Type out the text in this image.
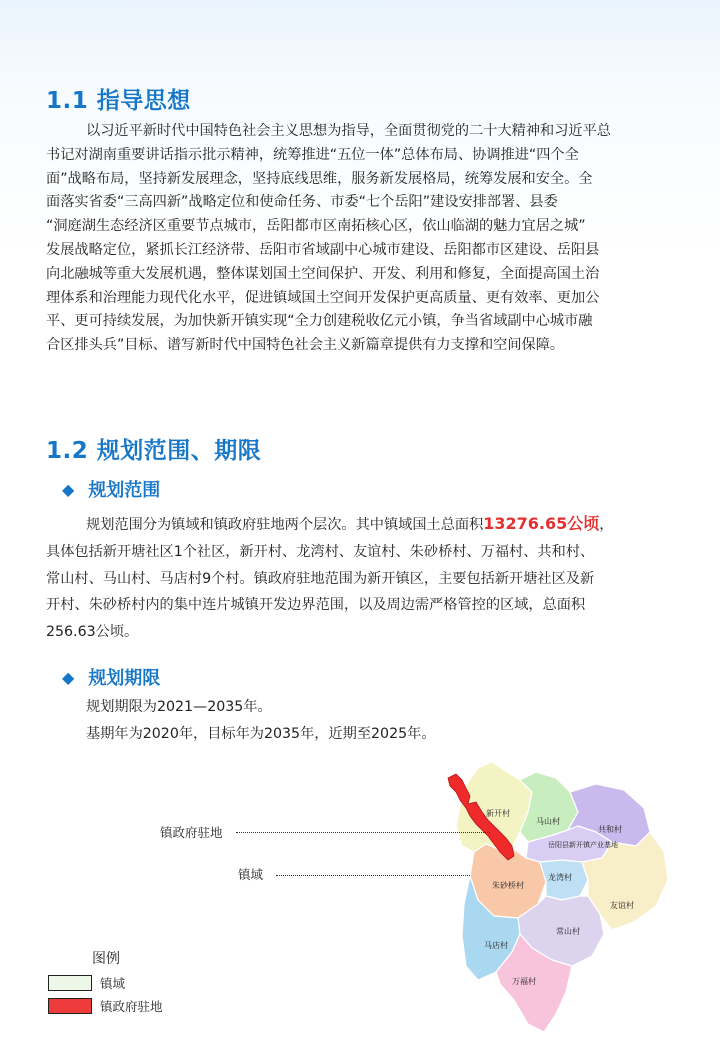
1.1 指导思想
以习近平新时代中国特色社会主义思想为指导，全面贯彻党的二十大精神和习近平总
书记对湖南重要讲话指示批示精神，统筹推进“五位一体”总体布局、协调推进“四个全
面”战略布局，坚持新发展理念，坚持底线思维，服务新发展格局，统筹发展和安全。全
面落实省委“三高四新”战略定位和使命任务、市委“七个岳阳”建设安排部署、县委
“洞庭湖生态经济区重要节点城市，岳阳都市区南拓核心区，依山临湖的魅力宜居之城”
发展战略定位，紧抓长江经济带、岳阳市省域副中心城市建设、岳阳都市区建设、岳阳县
向北融城等重大发展机遇，整体谋划国土空间保护、开发、利用和修复，全面提高国土治
理体系和治理能力现代化水平，促进镇域国土空间开发保护更高质量、更有效率、更加公
平、更可持续发展，为加快新开镇实现“全力创建税收亿元小镇，争当省域副中心城市融
合区排头兵”目标、谱写新时代中国特色社会主义新篇章提供有力支撑和空间保障。
1.2 规划范围、期限
◆ 规划范围
规划范围分为镇域和镇政府驻地两个层次。其中镇域国土总面积13276.65公顷，
具体包括新开塘社区1个社区，新开村、龙湾村、友谊村、朱砂桥村、万福村、共和村、
常山村、马山村、马店村9个村。镇政府驻地范围为新开镇区，主要包括新开塘社区及新
开村、朱砂桥村内的集中连片城镇开发边界范围，以及周边需严格管控的区域，总面积
256.63公顷。
◆ 规划期限
规划期限为2021—2035年。
基期年为2020年，目标年为2035年，近期至2025年。
新开村
马山村
共和村
岳阳县新开镇产业基地
朱砂桥村
龙湾村
友谊村
常山村
马店村
万福村
镇政府驻地
镇域
图例
镇域
镇政府驻地
